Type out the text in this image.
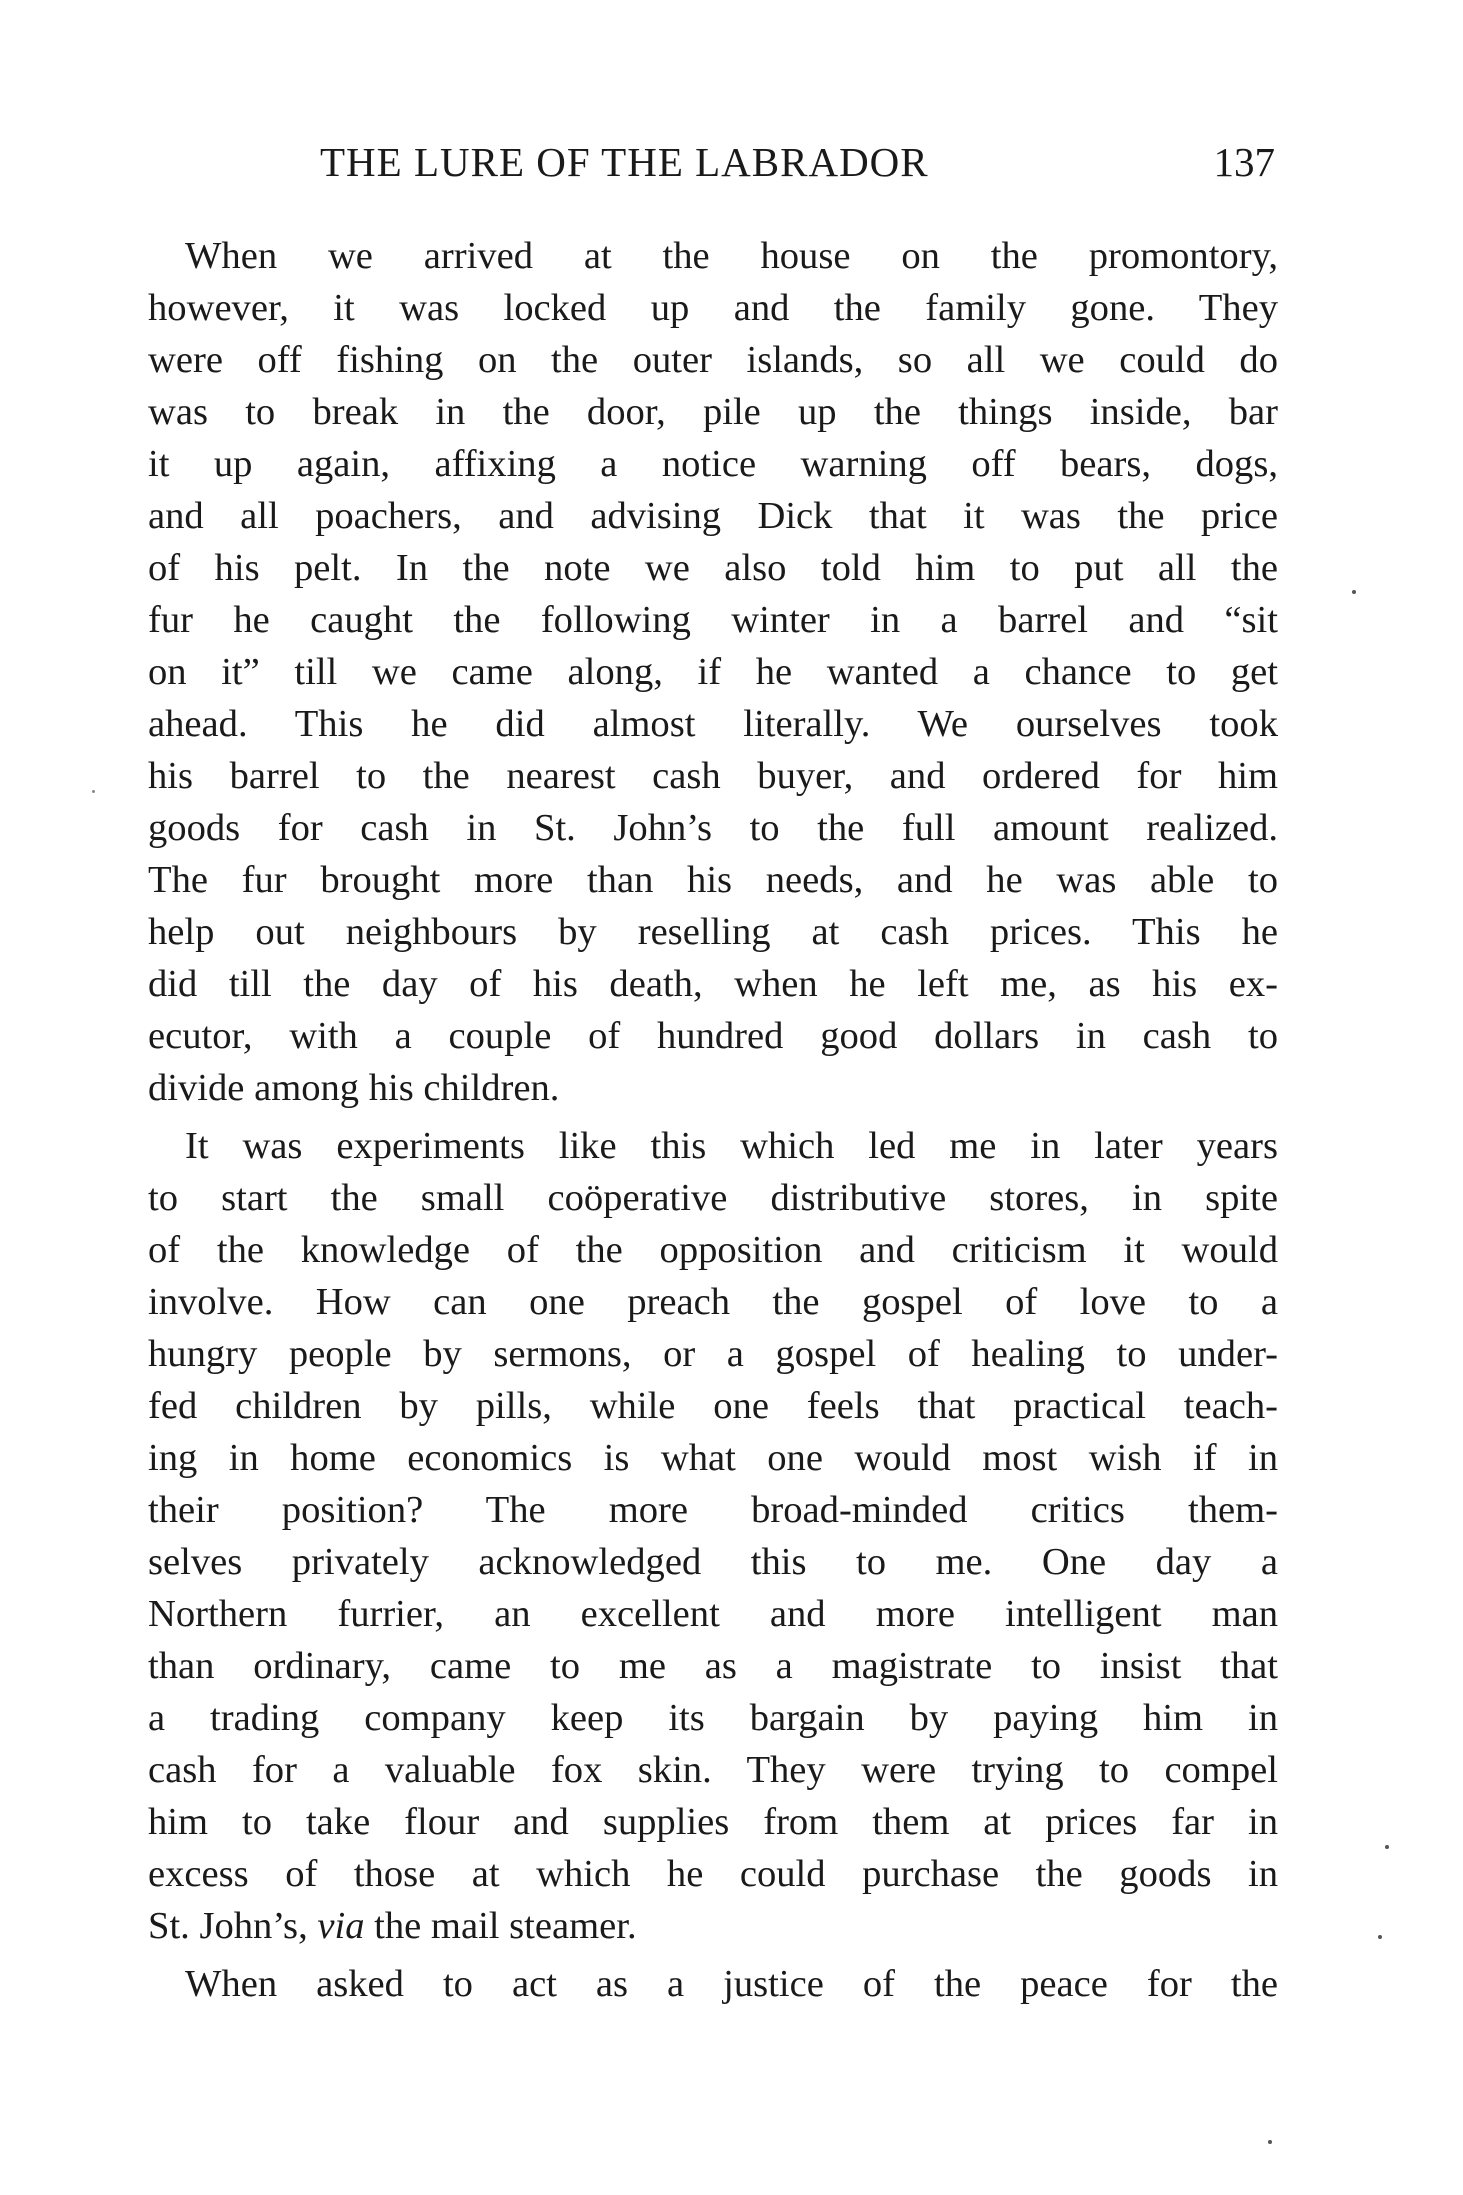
THE LURE OF THE LABRADOR	137
When we arrived at the house on the promontory,
however, it was locked up and the family gone. They
were off fishing on the outer islands, so all we could do
was to break in the door, pile up the things inside, bar
it up again, affixing a notice warning off bears, dogs,
and all poachers, and advising Dick that it was the price
of his pelt. In the note we also told him to put all the
fur he caught the following winter in a barrel and “sit
on it” till we came along, if he wanted a chance to get
ahead. This he did almost literally. We ourselves took
his barrel to the nearest cash buyer, and ordered for him
goods for cash in St. John’s to the full amount realized.
The fur brought more than his needs, and he was able to
help out neighbours by reselling at cash prices. This he
did till the day of his death, when he left me, as his ex-
ecutor, with a couple of hundred good dollars in cash to
divide among his children.
It was experiments like this which led me in later years
to start the small coöperative distributive stores, in spite
of the knowledge of the opposition and criticism it would
involve. How can one preach the gospel of love to a
hungry people by sermons, or a gospel of healing to under-
fed children by pills, while one feels that practical teach-
ing in home economics is what one would most wish if in
their position? The more broad-minded critics them-
selves privately acknowledged this to me. One day a
Northern furrier, an excellent and more intelligent man
than ordinary, came to me as a magistrate to insist that
a trading company keep its bargain by paying him in
cash for a valuable fox skin. They were trying to compel
him to take flour and supplies from them at prices far in
excess of those at which he could purchase the goods in
St. John’s, via the mail steamer.
When asked to act as a justice of the peace for the
